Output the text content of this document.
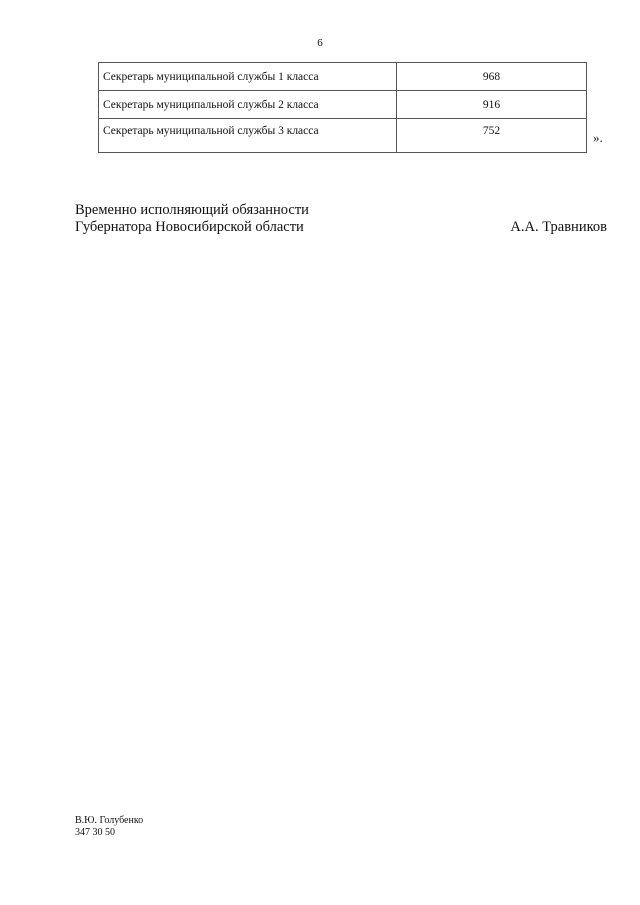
6
Секретарь муниципальной службы 1 класса	968
Секретарь муниципальной службы 2 класса	916
Секретарь муниципальной службы 3 класса	752	».
Временно исполняющий обязанности
Губернатора Новосибирской области	А.А. Травников
В.Ю. Голубенко
347 30 50
